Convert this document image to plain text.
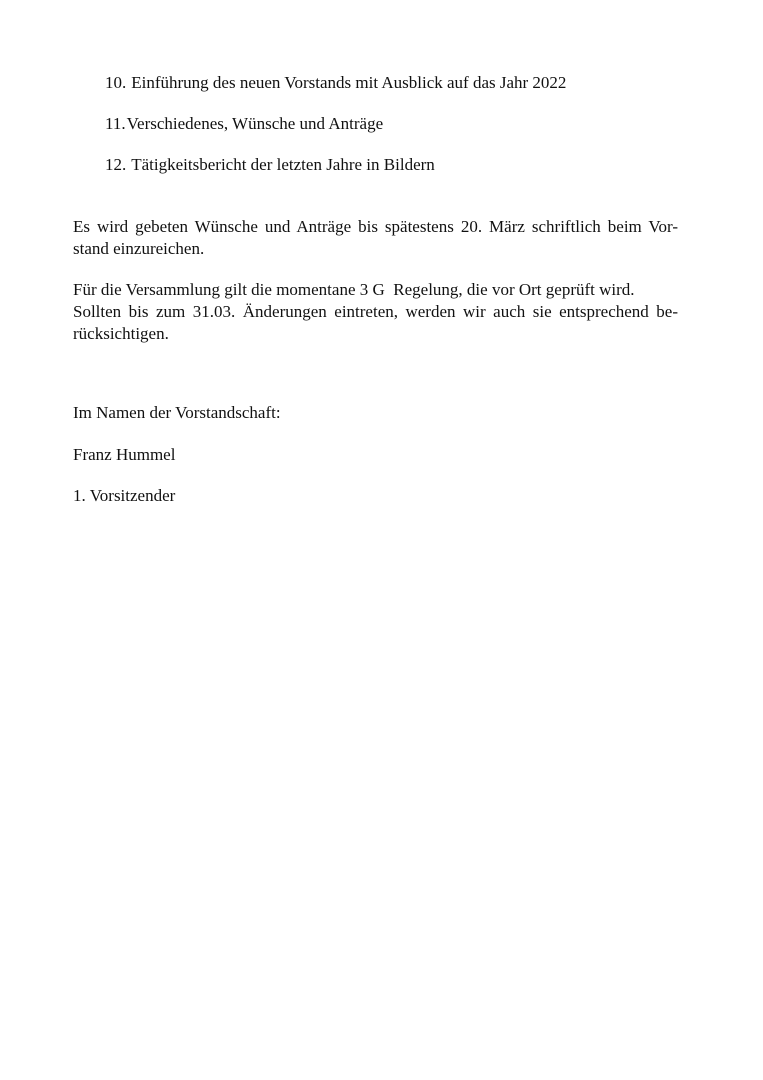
10. Einführung des neuen Vorstands mit Ausblick auf das Jahr 2022
11.Verschiedenes, Wünsche und Anträge
12. Tätigkeitsbericht der letzten Jahre in Bildern

Es wird gebeten Wünsche und Anträge bis spätestens 20. März schriftlich beim Vor-
stand einzureichen.

Für die Versammlung gilt die momentane 3 G  Regelung, die vor Ort geprüft wird.
Sollten bis zum 31.03. Änderungen eintreten, werden wir auch sie entsprechend be-
rücksichtigen.

Im Namen der Vorstandschaft:

Franz Hummel

1. Vorsitzender
